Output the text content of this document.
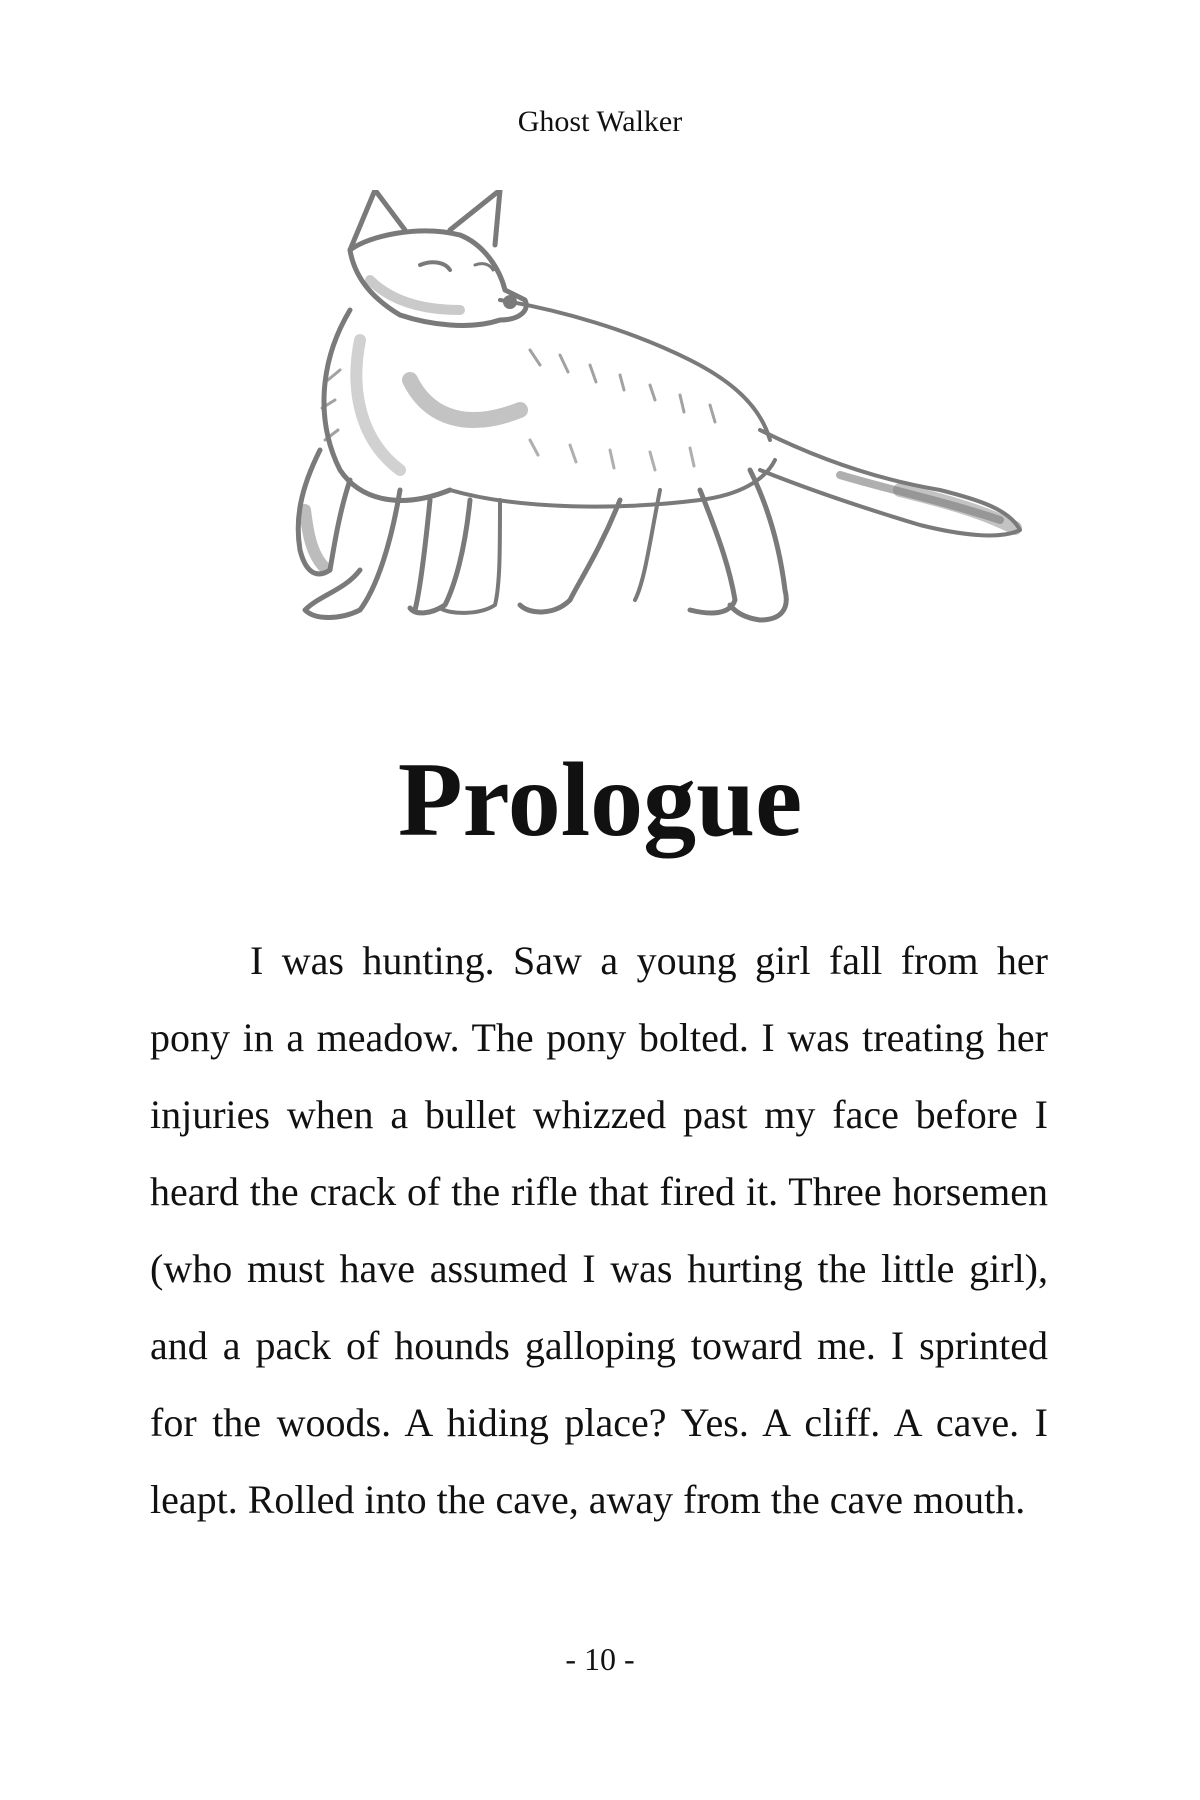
Ghost Walker
Prologue

I was hunting. Saw a young girl fall from her pony in a meadow. The pony bolted. I was treating her injuries when a bullet whizzed past my face before I heard the crack of the rifle that fired it. Three horsemen (who must have assumed I was hurting the little girl), and a pack of hounds galloping toward me. I sprinted for the woods. A hiding place? Yes. A cliff. A cave. I leapt. Rolled into the cave, away from the cave mouth.

- 10 -
